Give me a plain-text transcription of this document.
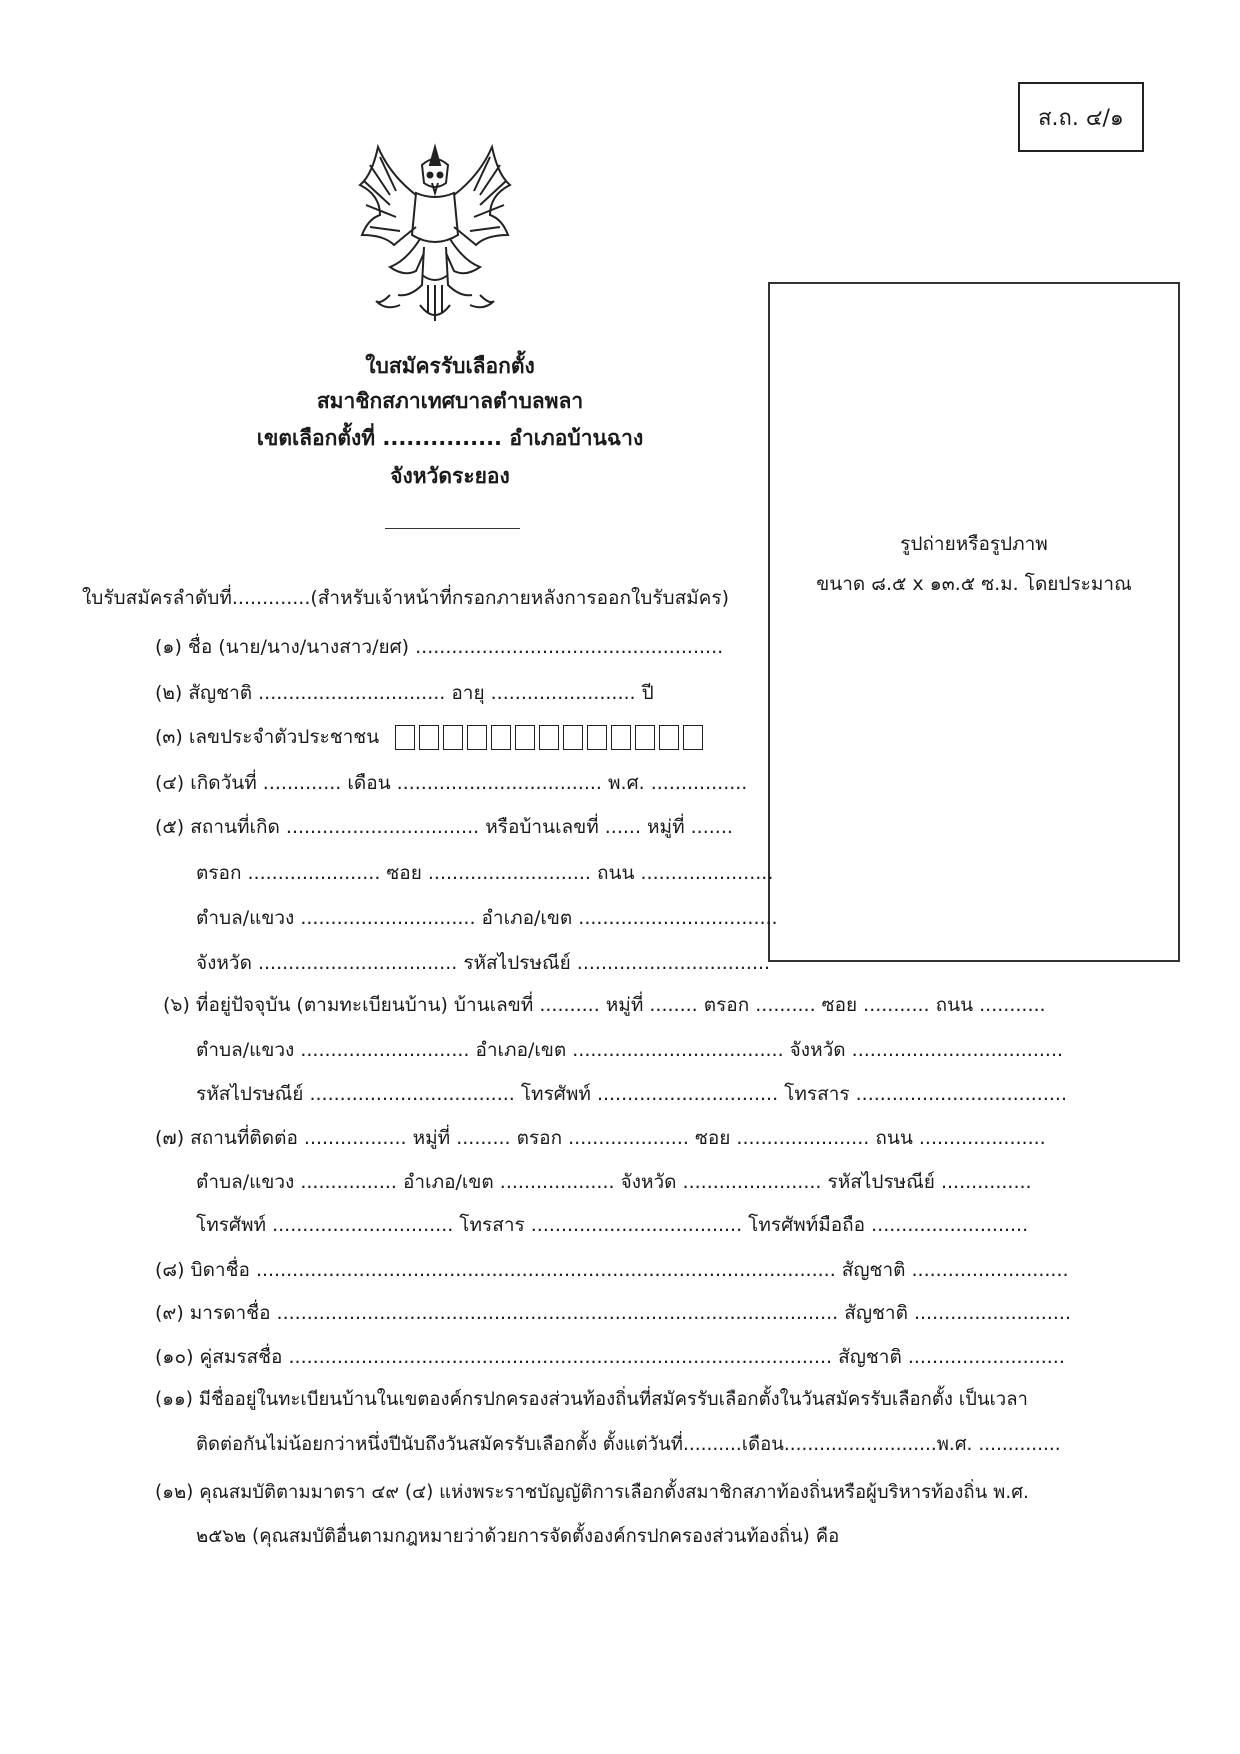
ส.ถ. ๔/๑
ใบสมัครรับเลือกตั้ง
สมาชิกสภาเทศบาลตำบลพลา
เขตเลือกตั้งที่ ............... อำเภอบ้านฉาง
จังหวัดระยอง
รูปถ่ายหรือรูปภาพ
ขนาด ๘.๕ x ๑๓.๕ ซ.ม. โดยประมาณ
ใบรับสมัครลำดับที่.............(สำหรับเจ้าหน้าที่กรอกภายหลังการออกใบรับสมัคร)
(๑) ชื่อ (นาย/นาง/นางสาว/ยศ) ...................................................
(๒) สัญชาติ ............................... อายุ ........................ ปี
(๓) เลขประจำตัวประชาชน
(๔) เกิดวันที่ ............. เดือน .................................. พ.ศ. ................
(๕) สถานที่เกิด ................................ หรือบ้านเลขที่ ...... หมู่ที่ .......
ตรอก ...................... ซอย ........................... ถนน ......................
ตำบล/แขวง ............................. อำเภอ/เขต .................................
จังหวัด ................................. รหัสไปรษณีย์ ................................
(๖) ที่อยู่ปัจจุบัน (ตามทะเบียนบ้าน) บ้านเลขที่ .......... หมู่ที่ ........ ตรอก .......... ซอย ........... ถนน ...........
ตำบล/แขวง ............................ อำเภอ/เขต ................................... จังหวัด ...................................
รหัสไปรษณีย์ .................................. โทรศัพท์ .............................. โทรสาร ...................................
(๗) สถานที่ติดต่อ ................. หมู่ที่ ......... ตรอก .................... ซอย ...................... ถนน .....................
ตำบล/แขวง ................ อำเภอ/เขต ................... จังหวัด ....................... รหัสไปรษณีย์ ...............
โทรศัพท์ .............................. โทรสาร ................................... โทรศัพท์มือถือ ..........................
(๘) บิดาชื่อ ................................................................................................ สัญชาติ ..........................
(๙) มารดาชื่อ ............................................................................................. สัญชาติ ..........................
(๑๐) คู่สมรสชื่อ .......................................................................................... สัญชาติ ..........................
(๑๑) มีชื่ออยู่ในทะเบียนบ้านในเขตองค์กรปกครองส่วนท้องถิ่นที่สมัครรับเลือกตั้งในวันสมัครรับเลือกตั้ง เป็นเวลา
ติดต่อกันไม่น้อยกว่าหนึ่งปีนับถึงวันสมัครรับเลือกตั้ง ตั้งแต่วันที่..........เดือน..........................พ.ศ. ..............
(๑๒) คุณสมบัติตามมาตรา ๔๙ (๔) แห่งพระราชบัญญัติการเลือกตั้งสมาชิกสภาท้องถิ่นหรือผู้บริหารท้องถิ่น พ.ศ.
๒๕๖๒ (คุณสมบัติอื่นตามกฎหมายว่าด้วยการจัดตั้งองค์กรปกครองส่วนท้องถิ่น) คือ
